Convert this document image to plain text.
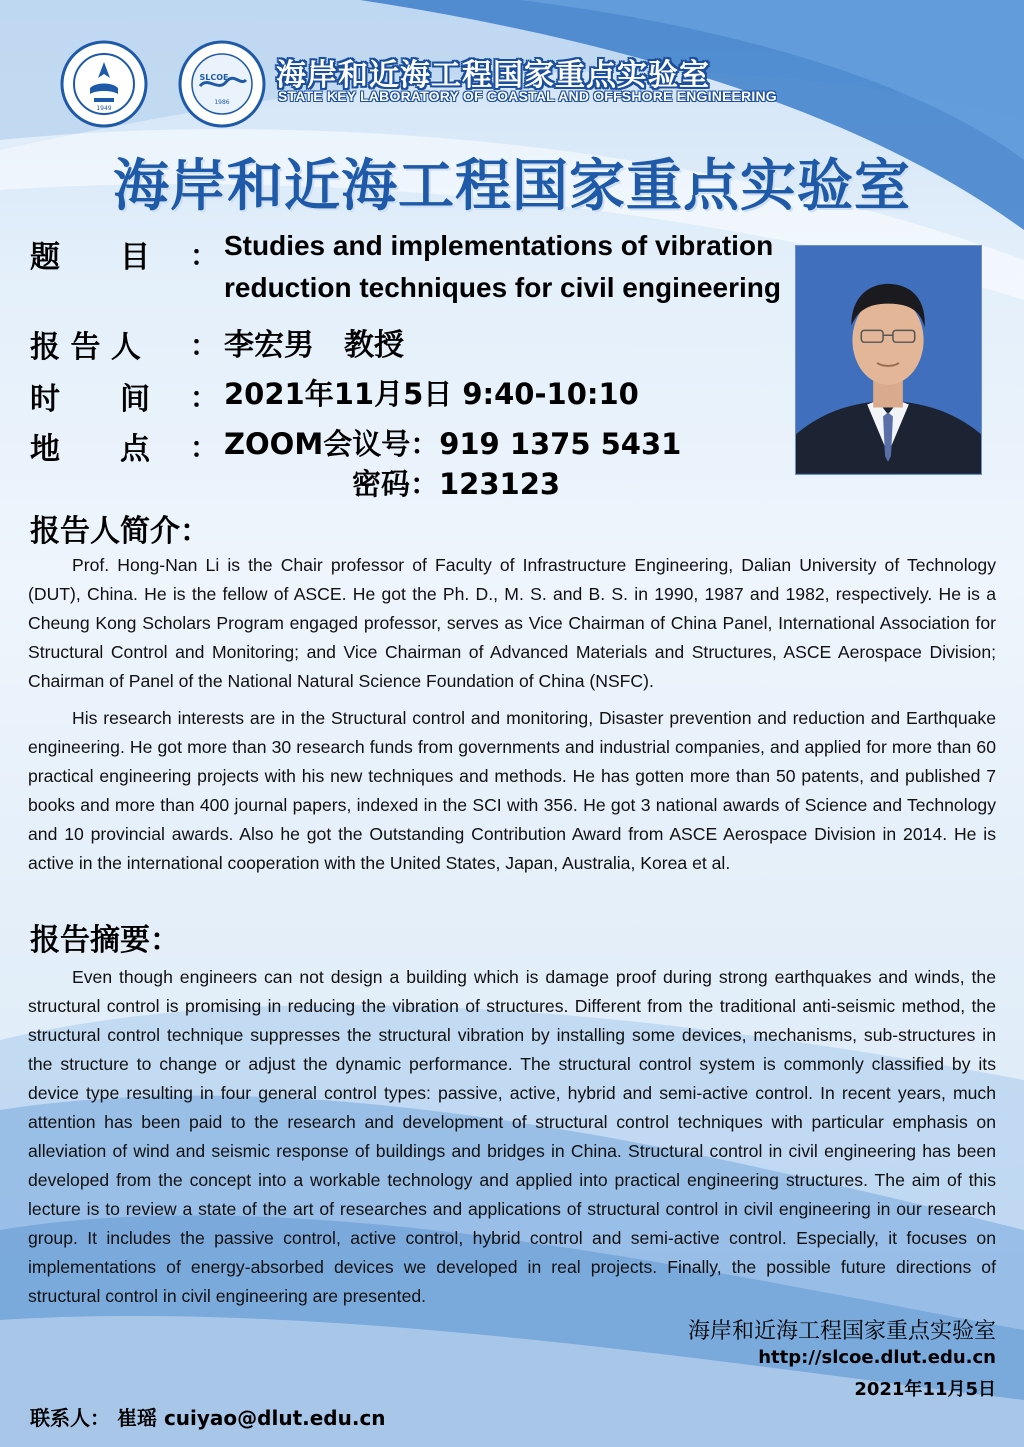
1949
SLCOE
1986
海岸和近海工程国家重点实验室
STATE KEY LABORATORY OF COASTAL AND OFFSHORE ENGINEERING
海岸和近海工程国家重点实验室
题　　目 ： Studies and implementations of vibration
reduction techniques for civil engineering
报 告 人 ： 李宏男　教授
时　　间 ： 2021年11月5日 9:40-10:10
地　　点 ： ZOOM会议号：919 1375 5431
密码：123123
报告人简介：

Prof. Hong-Nan Li is the Chair professor of Faculty of Infrastructure Engineering, Dalian University of Technology (DUT), China. He is the fellow of ASCE. He got the Ph. D., M. S. and B. S. in 1990, 1987 and 1982, respectively. He is a Cheung Kong Scholars Program engaged professor, serves as Vice Chairman of China Panel, International Association for Structural Control and Monitoring; and Vice Chairman of Advanced Materials and Structures, ASCE Aerospace Division; Chairman of Panel of the National Natural Science Foundation of China (NSFC).

His research interests are in the Structural control and monitoring, Disaster prevention and reduction and Earthquake engineering. He got more than 30 research funds from governments and industrial companies, and applied for more than 60 practical engineering projects with his new techniques and methods. He has gotten more than 50 patents, and published 7 books and more than 400 journal papers, indexed in the SCI with 356. He got 3 national awards of Science and Technology and 10 provincial awards. Also he got the Outstanding Contribution Award from ASCE Aerospace Division in 2014. He is active in the international cooperation with the United States, Japan, Australia, Korea et al.

报告摘要：

Even though engineers can not design a building which is damage proof during strong earthquakes and winds, the structural control is promising in reducing the vibration of structures. Different from the traditional anti-seismic method, the structural control technique suppresses the structural vibration by installing some devices, mechanisms, sub-structures in the structure to change or adjust the dynamic performance. The structural control system is commonly classified by its device type resulting in four general control types: passive, active, hybrid and semi-active control. In recent years, much attention has been paid to the research and development of structural control techniques with particular emphasis on alleviation of wind and seismic response of buildings and bridges in China. Structural control in civil engineering has been developed from the concept into a workable technology and applied into practical engineering structures. The aim of this lecture is to review a state of the art of researches and applications of structural control in civil engineering in our research group. It includes the passive control, active control, hybrid control and semi-active control. Especially, it focuses on implementations of energy-absorbed devices we developed in real projects. Finally, the possible future directions of structural control in civil engineering are presented.

海岸和近海工程国家重点实验室
http://slcoe.dlut.edu.cn
2021年11月5日
联系人： 崔瑶 cuiyao@dlut.edu.cn
